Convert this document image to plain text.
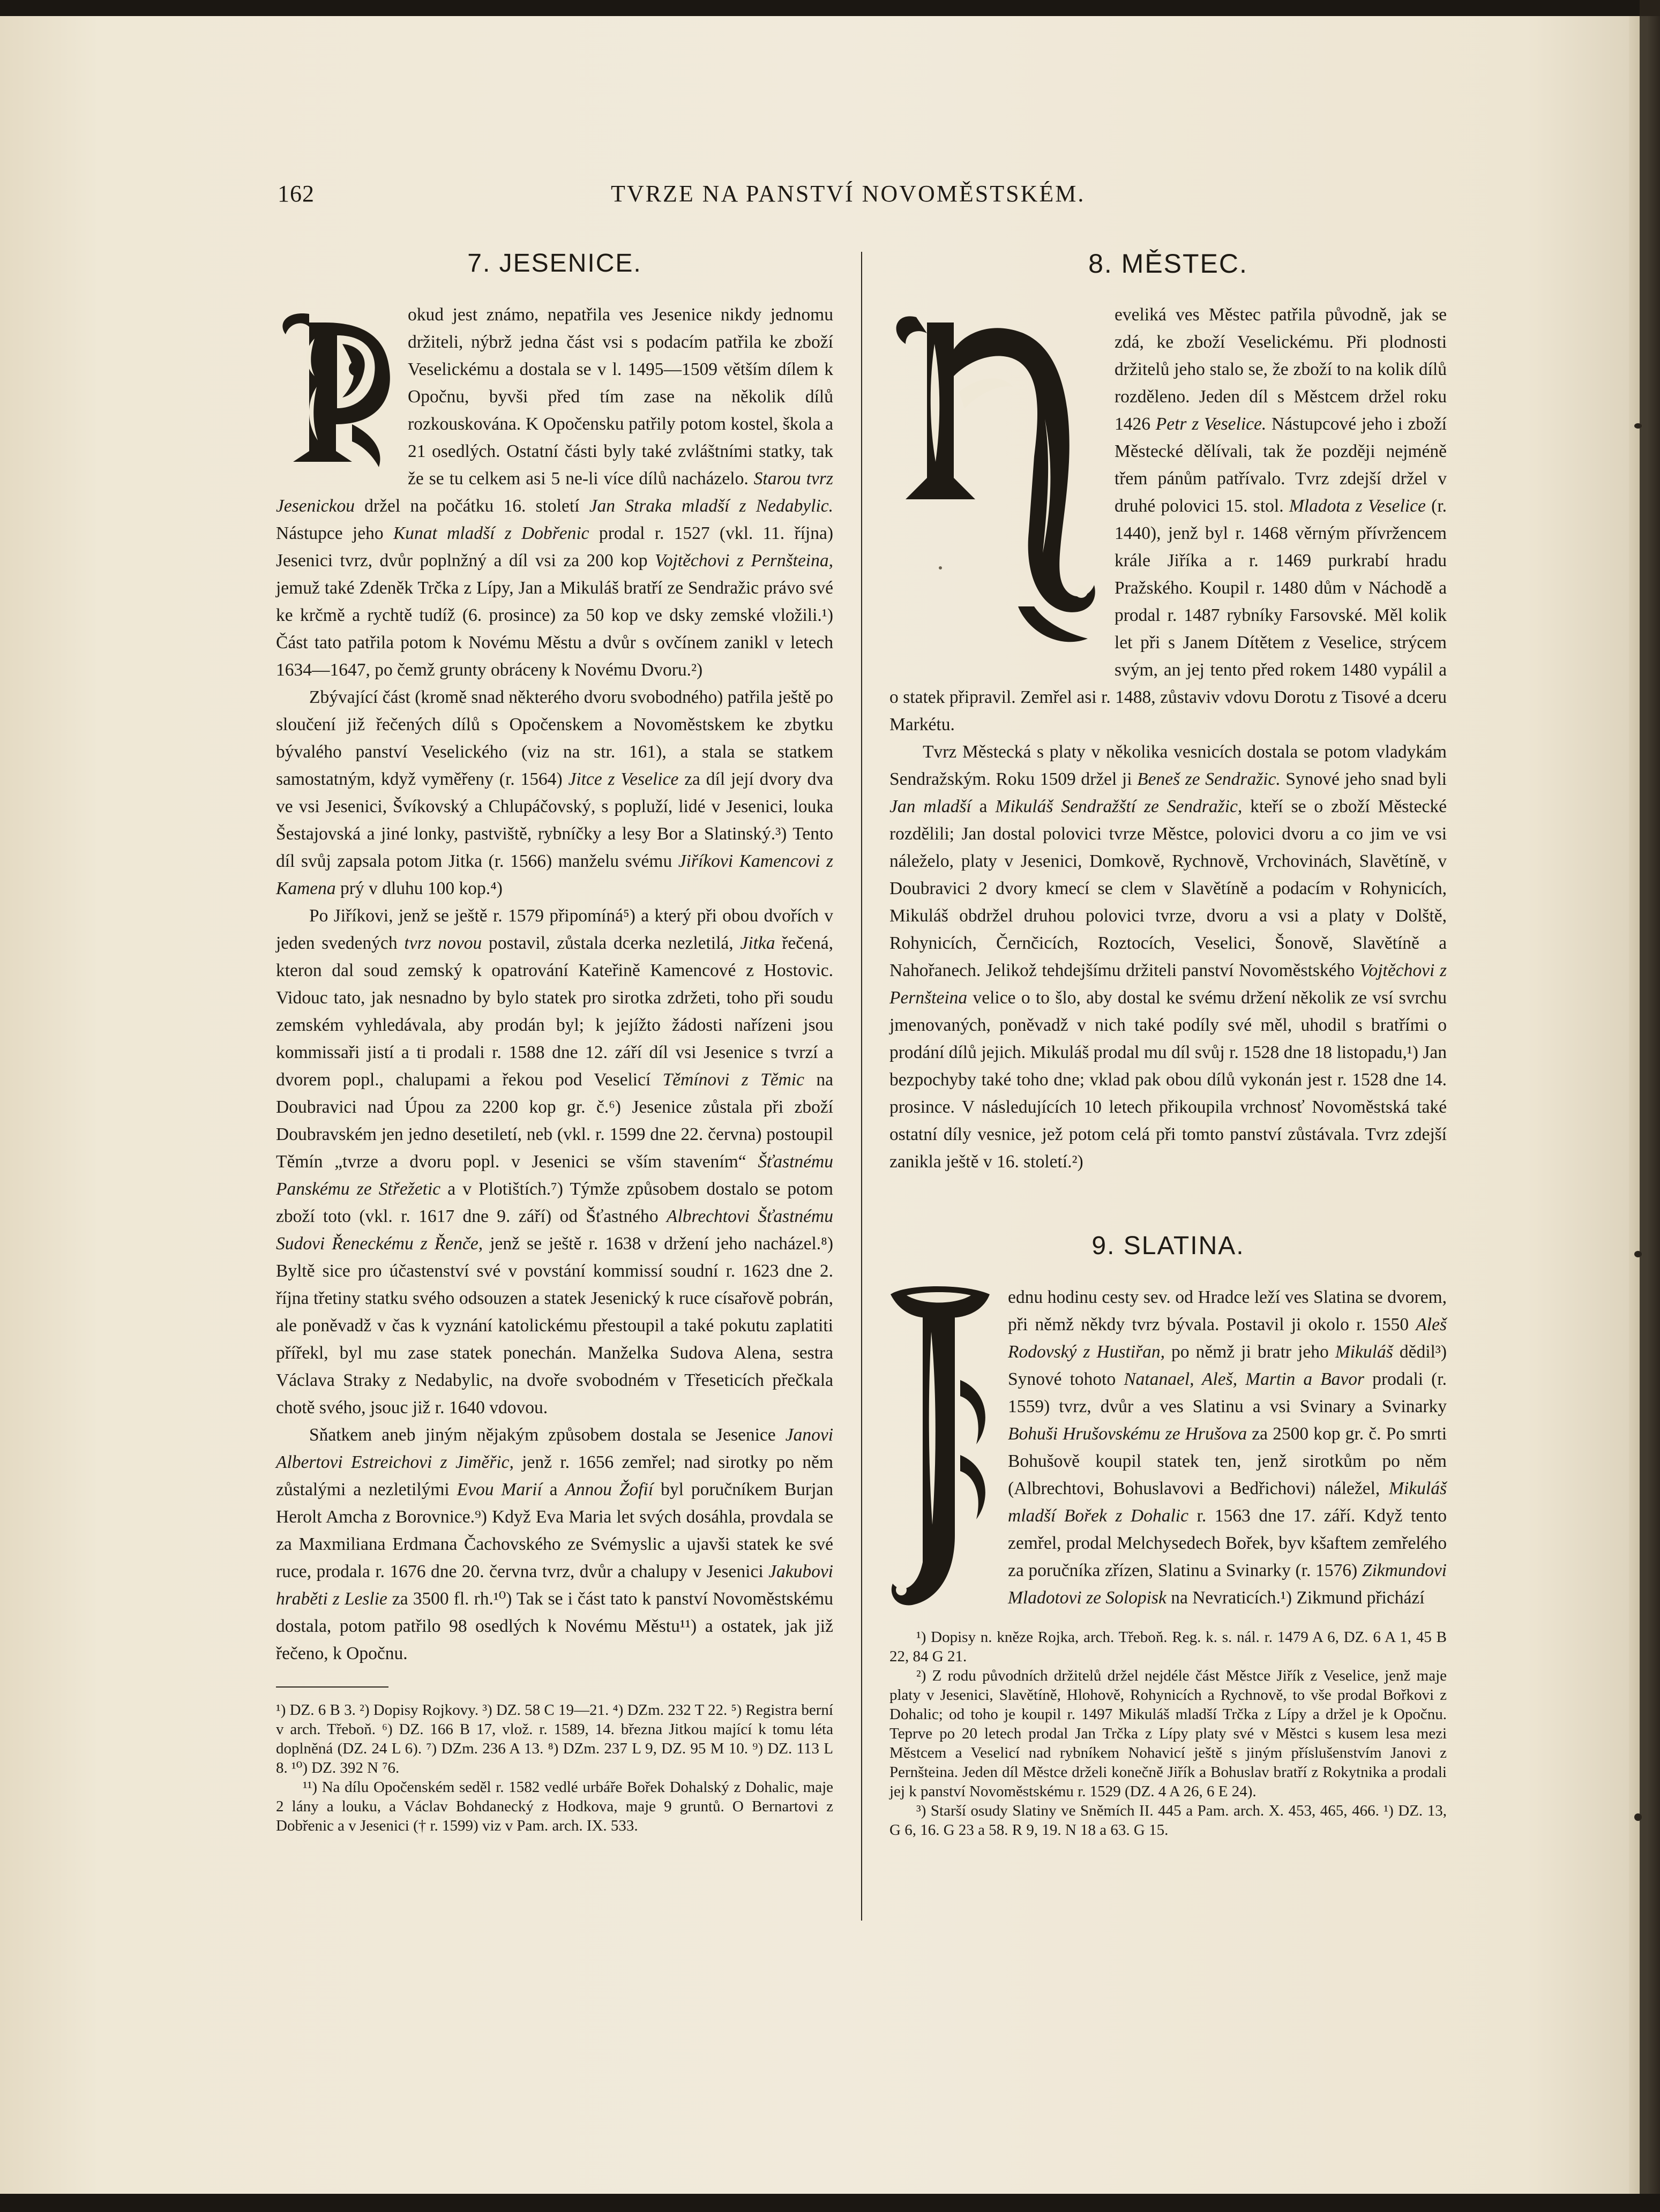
162	TVRZE NA PANSTVÍ NOVOMĚSTSKÉM.
7. JESENICE.

okud jest známo, nepatřila ves Jesenice nikdy jednomu držiteli, nýbrž jedna část vsi s podacím patřila ke zboží Veselickému a dostala se v l. 1495—1509 větším dílem k Opočnu, byvši před tím zase na několik dílů rozkouskována. K Opočensku patřily potom kostel, škola a 21 osedlých. Ostatní části byly také zvláštními statky, tak že se tu celkem asi 5 ne-li více dílů nacházelo. Starou tvrz Jesenickou držel na počátku 16. století Jan Straka mladší z Nedabylic. Nástupce jeho Kunat mladší z Dobřenic prodal r. 1527 (vkl. 11. října) Jesenici tvrz, dvůr poplnžný a díl vsi za 200 kop Vojtěchovi z Pernšteina, jemuž také Zdeněk Trčka z Lípy, Jan a Mikuláš bratří ze Sendražic právo své ke krčmě a rychtě tudíž (6. prosince) za 50 kop ve dsky zemské vložili.¹) Část tato patřila potom k Novému Městu a dvůr s ovčínem zanikl v letech 1634—1647, po čemž grunty obráceny k Novému Dvoru.²)

Zbývající část (kromě snad některého dvoru svobodného) patřila ještě po sloučení již řečených dílů s Opočenskem a Novoměstskem ke zbytku bývalého panství Veselického (viz na str. 161), a stala se statkem samostatným, když vyměřeny (r. 1564) Jitce z Veselice za díl její dvory dva ve vsi Jesenici, Švíkovský a Chlupáčovský, s popluží, lidé v Jesenici, louka Šestajovská a jiné lonky, pastviště, rybníčky a lesy Bor a Slatinský.³) Tento díl svůj zapsala potom Jitka (r. 1566) manželu svému Jiříkovi Kamencovi z Kamena prý v dluhu 100 kop.⁴)

Po Jiříkovi, jenž se ještě r. 1579 připomíná⁵) a který při obou dvořích v jeden svedených tvrz novou postavil, zůstala dcerka nezletilá, Jitka řečená, kteron dal soud zemský k opatrování Kateřině Kamencové z Hostovic. Vidouc tato, jak nesnadno by bylo statek pro sirotka zdržeti, toho při soudu zemském vyhledávala, aby prodán byl; k jejížto žádosti nařízeni jsou kommissaři jistí a ti prodali r. 1588 dne 12. září díl vsi Jesenice s tvrzí a dvorem popl., chalupami a řekou pod Veselicí Těmínovi z Těmic na Doubravici nad Úpou za 2200 kop gr. č.⁶) Jesenice zůstala při zboží Doubravském jen jedno desetiletí, neb (vkl. r. 1599 dne 22. června) postoupil Těmín „tvrze a dvoru popl. v Jesenici se vším stavením“ Šťastnému Panskému ze Střežetic a v Plotištích.⁷) Týmže způsobem dostalo se potom zboží toto (vkl. r. 1617 dne 9. září) od Šťastného Albrechtovi Šťastnému Sudovi Řeneckému z Řenče, jenž se ještě r. 1638 v držení jeho nacházel.⁸) Byltě sice pro účastenství své v povstání kommissí soudní r. 1623 dne 2. října třetiny statku svého odsouzen a statek Jesenický k ruce císařově pobrán, ale poněvadž v čas k vyznání katolickému přestoupil a také pokutu zaplatiti přířekl, byl mu zase statek ponechán. Manželka Sudova Alena, sestra Václava Straky z Nedabylic, na dvoře svobodném v Třeseticích přečkala chotě svého, jsouc již r. 1640 vdovou.

Sňatkem aneb jiným nějakým způsobem dostala se Jesenice Janovi Albertovi Estreichovi z Jiměřic, jenž r. 1656 zemřel; nad sirotky po něm zůstalými a nezletilými Evou Marií a Annou Žofií byl poručníkem Burjan Herolt Amcha z Borovnice.⁹) Když Eva Maria let svých dosáhla, provdala se za Maxmiliana Erdmana Čachovského ze Svémyslic a ujavši statek ke své ruce, prodala r. 1676 dne 20. června tvrz, dvůr a chalupy v Jesenici Jakubovi hraběti z Leslie za 3500 fl. rh.¹⁰) Tak se i část tato k panství Novoměstskému dostala, potom patřilo 98 osedlých k Novému Městu¹¹) a ostatek, jak již řečeno, k Opočnu.

¹) DZ. 6 B 3. ²) Dopisy Rojkovy. ³) DZ. 58 C 19—21. ⁴) DZm. 232 T 22. ⁵) Registra berní v arch. Třeboň. ⁶) DZ. 166 B 17, vlož. r. 1589, 14. března Jitkou mající k tomu léta doplněná (DZ. 24 L 6). ⁷) DZm. 236 A 13. ⁸) DZm. 237 L 9, DZ. 95 M 10. ⁹) DZ. 113 L 8. ¹⁰) DZ. 392 N ⁷6.

¹¹) Na dílu Opočenském seděl r. 1582 vedlé urbáře Bořek Dohalský z Dohalic, maje 2 lány a louku, a Václav Bohdanecký z Hodkova, maje 9 gruntů. O Bernartovi z Dobřenic a v Jesenici († r. 1599) viz v Pam. arch. IX. 533.

8. MĚSTEC.

eveliká ves Městec patřila původně, jak se zdá, ke zboží Veselickému. Při plodnosti držitelů jeho stalo se, že zboží to na kolik dílů rozděleno. Jeden díl s Městcem držel roku 1426 Petr z Veselice. Nástupcové jeho i zboží Městecké dělívali, tak že později nejméně třem pánům patřívalo. Tvrz zdejší držel v druhé polovici 15. stol. Mladota z Veselice (r. 1440), jenž byl r. 1468 věrným přívržencem krále Jiříka a r. 1469 purkrabí hradu Pražského. Koupil r. 1480 dům v Náchodě a prodal r. 1487 rybníky Farsovské. Měl kolik let při s Janem Dítětem z Veselice, strýcem svým, an jej tento před rokem 1480 vypálil a o statek připravil. Zemřel asi r. 1488, zůstaviv vdovu Dorotu z Tisové a dceru Markétu.

Tvrz Městecká s platy v několika vesnicích dostala se potom vladykám Sendražským. Roku 1509 držel ji Beneš ze Sendražic. Synové jeho snad byli Jan mladší a Mikuláš Sendražští ze Sendražic, kteří se o zboží Městecké rozdělili; Jan dostal polovici tvrze Městce, polovici dvoru a co jim ve vsi náleželo, platy v Jesenici, Domkově, Rychnově, Vrchovinách, Slavětíně, v Doubravici 2 dvory kmecí se clem v Slavětíně a podacím v Rohynicích, Mikuláš obdržel druhou polovici tvrze, dvoru a vsi a platy v Dolště, Rohynicích, Černčicích, Roztocích, Veselici, Šonově, Slavětíně a Nahořanech. Jelikož tehdejšímu držiteli panství Novoměstského Vojtěchovi z Pernšteina velice o to šlo, aby dostal ke svému držení několik ze vsí svrchu jmenovaných, poněvadž v nich také podíly své měl, uhodil s bratřími o prodání dílů jejich. Mikuláš prodal mu díl svůj r. 1528 dne 18 listopadu,¹) Jan bezpochyby také toho dne; vklad pak obou dílů vykonán jest r. 1528 dne 14. prosince. V následujících 10 letech přikoupila vrchnosť Novoměstská také ostatní díly vesnice, jež potom celá při tomto panství zůstávala. Tvrz zdejší zanikla ještě v 16. století.²)

9. SLATINA.

ednu hodinu cesty sev. od Hradce leží ves Slatina se dvorem, při němž někdy tvrz bývala. Postavil ji okolo r. 1550 Aleš Rodovský z Hustiřan, po němž ji bratr jeho Mikuláš dědil³) Synové tohoto Natanael, Aleš, Martin a Bavor prodali (r. 1559) tvrz, dvůr a ves Slatinu a vsi Svinary a Svinarky Bohuši Hrušovskému ze Hrušova za 2500 kop gr. č. Po smrti Bohušově koupil statek ten, jenž sirotkům po něm (Albrechtovi, Bohuslavovi a Bedřichovi) náležel, Mikuláš mladší Bořek z Dohalic r. 1563 dne 17. září. Když tento zemřel, prodal Melchysedech Bořek, byv kšaftem zemřelého za poručníka zřízen, Slatinu a Svinarky (r. 1576) Zikmundovi Mladotovi ze Solopisk na Nevraticích.¹) Zikmund přichází

¹) Dopisy n. kněze Rojka, arch. Třeboň. Reg. k. s. nál. r. 1479 A 6, DZ. 6 A 1, 45 B 22, 84 G 21.

²) Z rodu původních držitelů držel nejdéle část Městce Jiřík z Veselice, jenž maje platy v Jesenici, Slavětíně, Hlohově, Rohynicích a Rychnově, to vše prodal Bořkovi z Dohalic; od toho je koupil r. 1497 Mikuláš mladší Trčka z Lípy a držel je k Opočnu. Teprve po 20 letech prodal Jan Trčka z Lípy platy své v Městci s kusem lesa mezi Městcem a Veselicí nad rybníkem Nohavicí ještě s jiným příslušenstvím Janovi z Pernšteina. Jeden díl Městce drželi konečně Jiřík a Bohuslav bratří z Rokytnika a prodali jej k panství Novoměstskému r. 1529 (DZ. 4 A 26, 6 E 24).

³) Starší osudy Slatiny ve Sněmích II. 445 a Pam. arch. X. 453, 465, 466. ¹) DZ. 13, G 6, 16. G 23 a 58. R 9, 19. N 18 a 63. G 15.
